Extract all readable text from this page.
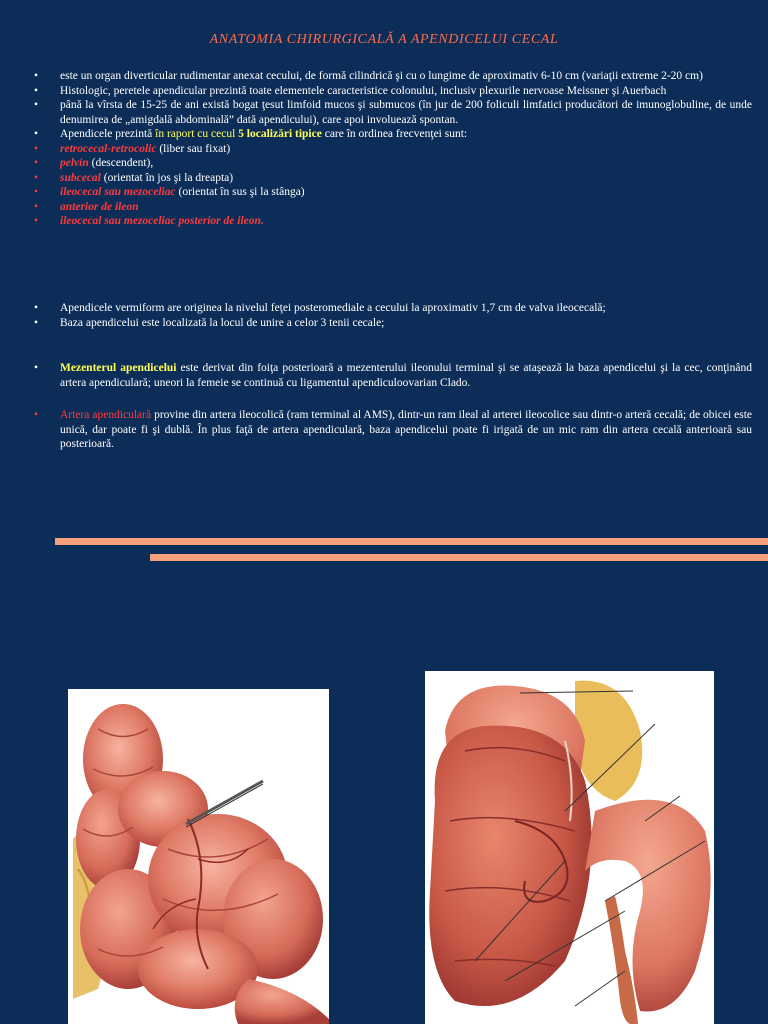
ANATOMIA CHIRURGICALĂ A APENDICELUI CECAL
• este un organ diverticular rudimentar anexat cecului, de formă cilindrică şi cu o lungime de aproximativ 6-10 cm (variaţii extreme 2-20 cm)
• Histologic, peretele apendicular prezintă toate elementele caracteristice colonului, inclusiv plexurile nervoase Meissner şi Auerbach
• până la vîrsta de 15-25 de ani există bogat ţesut limfoid mucos şi submucos (în jur de 200 foliculi limfatici producători de imunoglobuline, de unde denumirea de „amigdală abdominală” dată apendicului), care apoi involuează spontan.
• Apendicele prezintă în raport cu cecul 5 localizări tipice care în ordinea frecvenţei sunt:
• retrocecal-retrocolic (liber sau fixat)
• pelvin (descendent),
• subcecal (orientat în jos şi la dreapta)
• ileocecal sau mezoceliac (orientat în sus şi la stânga)
• anterior de ileon
• ileocecal sau mezoceliac posterior de ileon.
• Apendicele vermiform are originea la nivelul feţei posteromediale a cecului la aproximativ 1,7 cm de valva ileocecală;
• Baza apendicelui este localizată la locul de unire a celor 3 tenii cecale;
• Mezenterul apendicelui este derivat din foiţa posterioară a mezenterului ileonului terminal şi se ataşează la baza apendicelui şi la cec, conţinând artera apendiculară; uneori la femeie se continuă cu ligamentul apendiculoovarian Clado.
• Artera apendiculară provine din artera ileocolică (ram terminal al AMS), dintr-un ram ileal al arterei ileocolice sau dintr-o arteră cecală; de obicei este unică, dar poate fi şi dublă. În plus faţă de artera apendiculară, baza apendicelui poate fi irigată de un mic ram din artera cecală anterioară sau posterioară.
